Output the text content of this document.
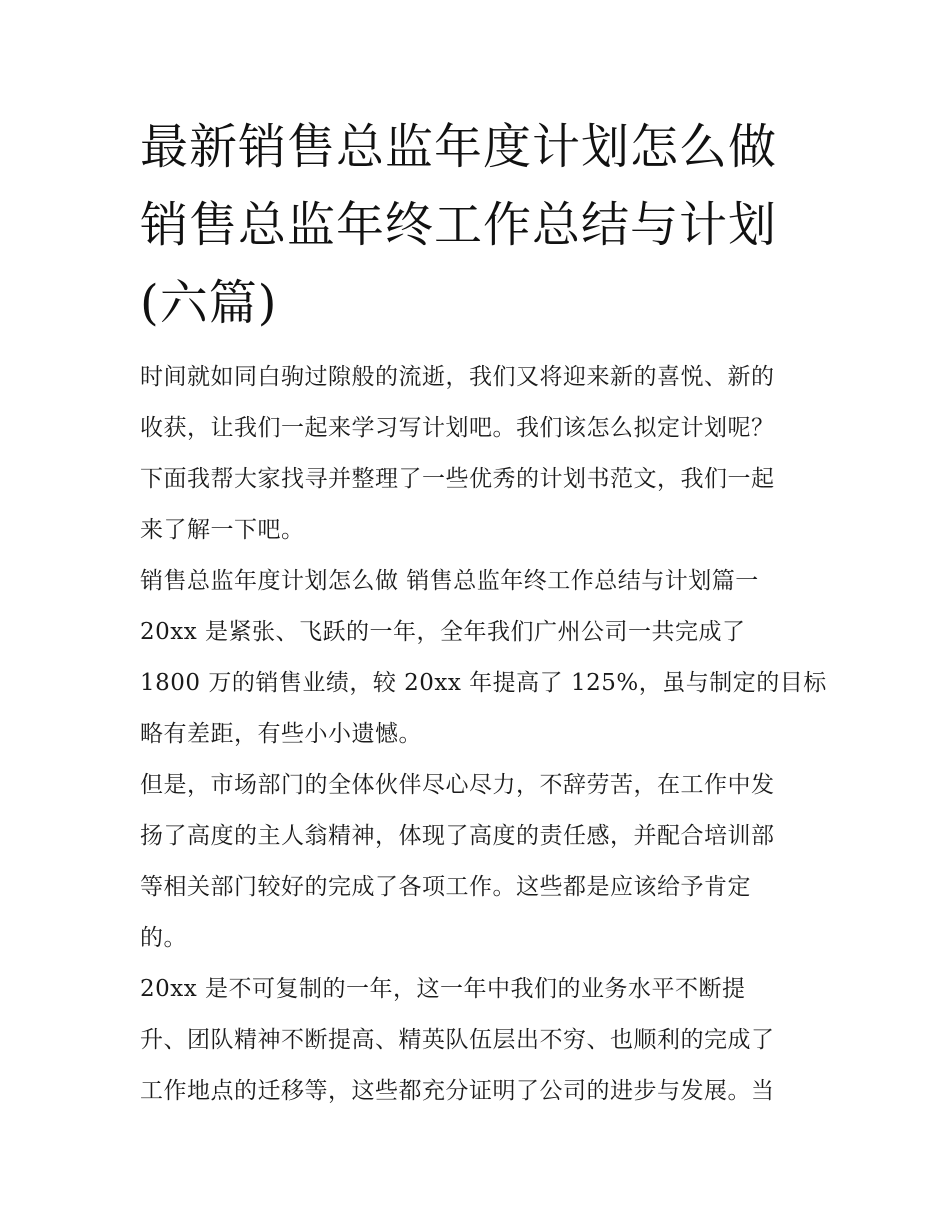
最新销售总监年度计划怎么做
销售总监年终工作总结与计划
(六篇)

时间就如同白驹过隙般的流逝，我们又将迎来新的喜悦、新的
收获，让我们一起来学习写计划吧。我们该怎么拟定计划呢？
下面我帮大家找寻并整理了一些优秀的计划书范文，我们一起
来了解一下吧。

销售总监年度计划怎么做 销售总监年终工作总结与计划篇一

20xx 是紧张、飞跃的一年，全年我们广州公司一共完成了
1800 万的销售业绩，较 20xx 年提高了 125%，虽与制定的目标
略有差距，有些小小遗憾。

但是，市场部门的全体伙伴尽心尽力，不辞劳苦，在工作中发
扬了高度的主人翁精神，体现了高度的责任感，并配合培训部
等相关部门较好的完成了各项工作。这些都是应该给予肯定
的。

20xx 是不可复制的一年，这一年中我们的业务水平不断提
升、团队精神不断提高、精英队伍层出不穷、也顺利的完成了
工作地点的迁移等，这些都充分证明了公司的进步与发展。当
